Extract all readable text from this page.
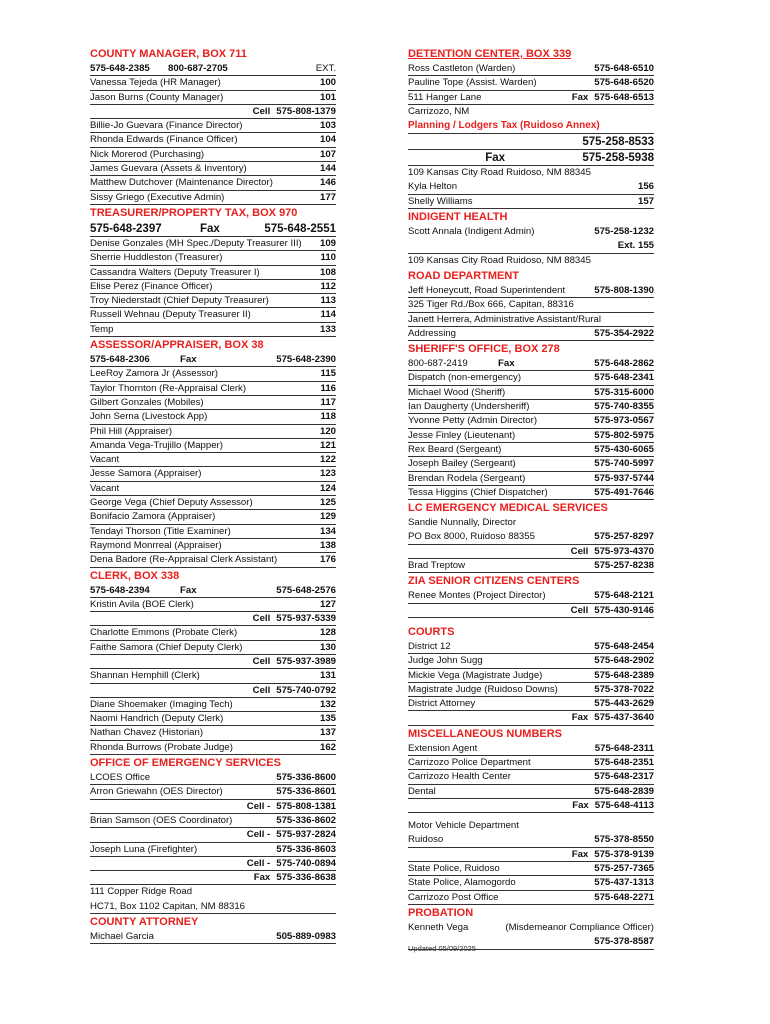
COUNTY MANAGER, BOX 711
575-648-2385	800-687-2705	EXT.
Vanessa Tejeda (HR Manager)	100
Jason Burns (County Manager)	101
Cell 575-808-1379
Billie-Jo Guevara (Finance Director)	103
Rhonda Edwards (Finance Officer)	104
Nick Morerod (Purchasing)	107
James Guevara (Assets & Inventory)	144
Matthew Dutchover (Maintenance Director)	146
Sissy Griego (Executive Admin)	177
TREASURER/PROPERTY TAX, BOX 970
575-648-2397	Fax	575-648-2551
Denise Gonzales (MH Spec./Deputy Treasurer III)	109
Sherrie Huddleston (Treasurer)	110
Cassandra Walters (Deputy Treasurer I)	108
Elise Perez (Finance Officer)	112
Troy Niederstadt (Chief Deputy Treasurer)	113
Russell Wehnau (Deputy Treasurer II)	114
Temp	133
ASSESSOR/APPRAISER, BOX 38
575-648-2306	Fax	575-648-2390
LeeRoy Zamora Jr (Assessor)	115
Taylor Thornton (Re-Appraisal Clerk)	116
Gilbert Gonzales (Mobiles)	117
John Serna (Livestock App)	118
Phil Hill (Appraiser)	120
Amanda Vega-Trujillo (Mapper)	121
Vacant	122
Jesse Samora (Appraiser)	123
Vacant	124
George Vega (Chief Deputy Assessor)	125
Bonifacio Zamora (Appraiser)	129
Tendayi Thorson (Title Examiner)	134
Raymond Monrreal (Appraiser)	138
Dena Badore (Re-Appraisal Clerk Assistant)	176
CLERK, BOX 338
575-648-2394	Fax	575-648-2576
Kristin Avila (BOE Clerk)	127
Cell 575-937-5339
Charlotte Emmons (Probate Clerk)	128
Faithe Samora (Chief Deputy Clerk)	130
Cell 575-937-3989
Shannan Hemphill (Clerk)	131
Cell 575-740-0792
Diane Shoemaker (Imaging Tech)	132
Naomi Handrich (Deputy Clerk)	135
Nathan Chavez (Historian)	137
Rhonda Burrows (Probate Judge)	162
OFFICE OF EMERGENCY SERVICES
LCOES Office	575-336-8600
Arron Griewahn (OES Director)	575-336-8601
Cell - 575-808-1381
Brian Samson (OES Coordinator)	575-336-8602
Cell - 575-937-2824
Joseph Luna (Firefighter)	575-336-8603
Cell - 575-740-0894
Fax 575-336-8638
111 Copper Ridge Road
HC71, Box 1102 Capitan, NM 88316
COUNTY ATTORNEY
Michael Garcia	505-889-0983
DETENTION CENTER, BOX 339
Ross Castleton (Warden)	575-648-6510
Pauline Tope (Assist. Warden)	575-648-6520
511 Hanger Lane	Fax 575-648-6513
Carrizozo, NM
Planning / Lodgers Tax (Ruidoso Annex)
575-258-8533
Fax	575-258-5938
109 Kansas City Road Ruidoso, NM 88345
Kyla Helton	156
Shelly Williams	157
INDIGENT HEALTH
Scott Annala (Indigent Admin)	575-258-1232
Ext. 155
109 Kansas City Road Ruidoso, NM 88345
ROAD DEPARTMENT
Jeff Honeycutt, Road Superintendent	575-808-1390
325 Tiger Rd./Box 666, Capitan, 88316
Janett Herrera, Administrative Assistant/Rural
Addressing	575-354-2922
SHERIFF'S OFFICE, BOX 278
800-687-2419	Fax	575-648-2862
Dispatch (non-emergency)	575-648-2341
Michael Wood (Sheriff)	575-315-6000
Ian Daugherty (Undersheriff)	575-740-8355
Yvonne Petty (Admin Director)	575-973-0567
Jesse Finley (Lieutenant)	575-802-5975
Rex Beard (Sergeant)	575-430-6065
Joseph Bailey (Sergeant)	575-740-5997
Brendan Rodela (Sergeant)	575-937-5744
Tessa Higgins (Chief Dispatcher)	575-491-7646
LC EMERGENCY MEDICAL SERVICES
Sandie Nunnally, Director
PO Box 8000, Ruidoso 88355	575-257-8297
Cell 575-973-4370
Brad Treptow	575-257-8238
ZIA SENIOR CITIZENS CENTERS
Renee Montes (Project Director)	575-648-2121
Cell 575-430-9146
COURTS
District 12	575-648-2454
Judge John Sugg	575-648-2902
Mickie Vega (Magistrate Judge)	575-648-2389
Magistrate Judge (Ruidoso Downs)	575-378-7022
District Attorney	575-443-2629
Fax 575-437-3640
MISCELLANEOUS NUMBERS
Extension Agent	575-648-2311
Carrizozo Police Department	575-648-2351
Carrizozo Health Center	575-648-2317
Dental	575-648-2839
Fax 575-648-4113
Motor Vehicle Department
Ruidoso	575-378-8550
Fax 575-378-9139
State Police, Ruidoso	575-257-7365
State Police, Alamogordo	575-437-1313
Carrizozo Post Office	575-648-2271
PROBATION
Kenneth Vega	(Misdemeanor Compliance Officer)
575-378-8587
Updated 05/09/2025
